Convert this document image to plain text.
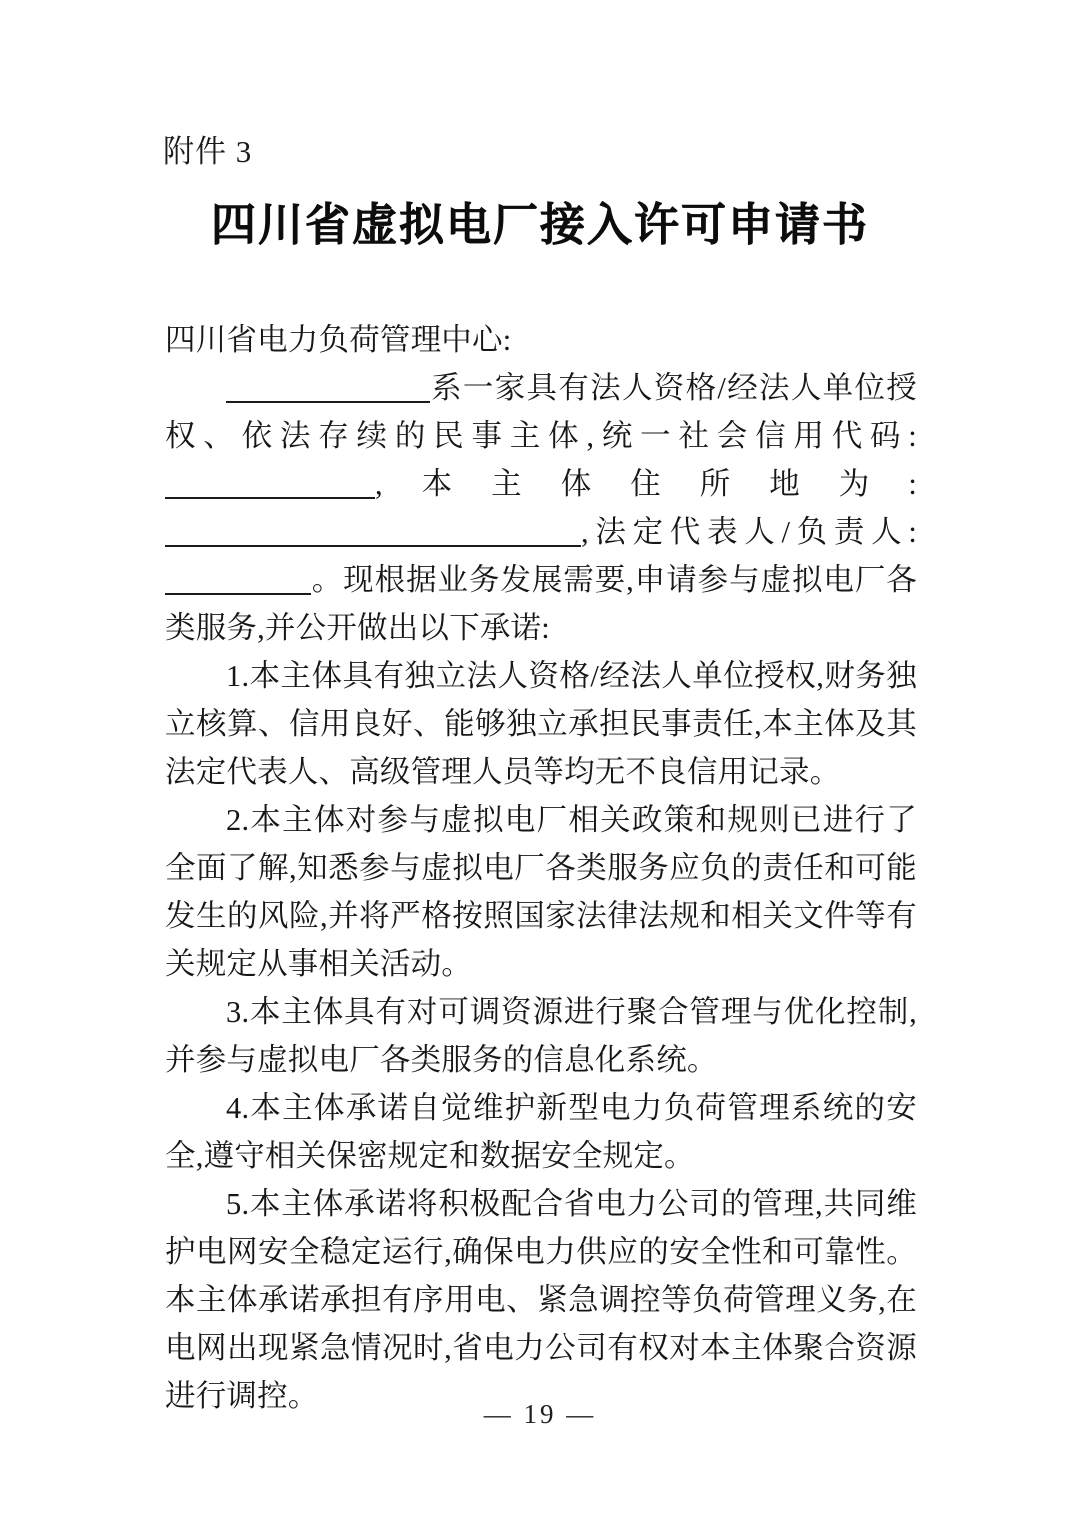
附件 3
四川省虚拟电厂接入许可申请书

四川省电力负荷管理中心:

系一家具有法人资格/经法人单位授权、依法存续的民事主体,统一社会信用代码:,本主体住所地为:,法定代表人/负责人:。现根据业务发展需要,申请参与虚拟电厂各类服务,并公开做出以下承诺:

1.本主体具有独立法人资格/经法人单位授权,财务独立核算、信用良好、能够独立承担民事责任,本主体及其法定代表人、高级管理人员等均无不良信用记录。

2.本主体对参与虚拟电厂相关政策和规则已进行了全面了解,知悉参与虚拟电厂各类服务应负的责任和可能发生的风险,并将严格按照国家法律法规和相关文件等有关规定从事相关活动。

3.本主体具有对可调资源进行聚合管理与优化控制,并参与虚拟电厂各类服务的信息化系统。

4.本主体承诺自觉维护新型电力负荷管理系统的安全,遵守相关保密规定和数据安全规定。

5.本主体承诺将积极配合省电力公司的管理,共同维护电网安全稳定运行,确保电力供应的安全性和可靠性。本主体承诺承担有序用电、紧急调控等负荷管理义务,在电网出现紧急情况时,省电力公司有权对本主体聚合资源进行调控。

— 19 —
